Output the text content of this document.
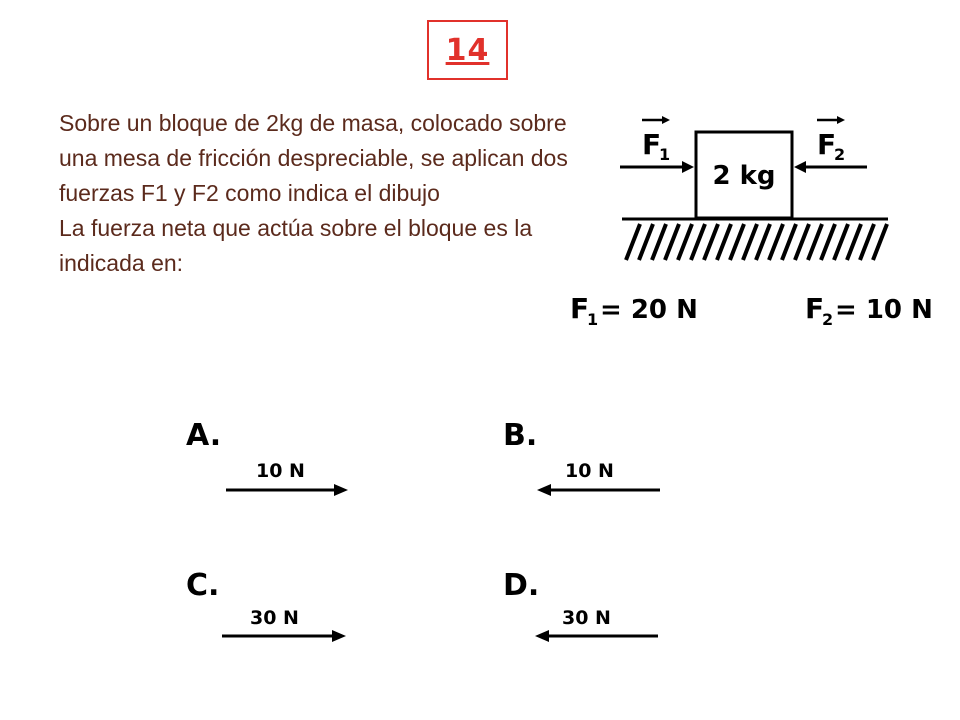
14

Sobre un bloque de 2kg de masa, colocado sobre una mesa de fricción despreciable, se aplican dos fuerzas F1 y F2 como indica el dibujo

La fuerza neta que actúa sobre el bloque es la indicada en:

F
1
2 kg
F
2
F
1 = 20 N	F
2 = 10 N
A.
10 N
B.
10 N
C.
30 N
D.
30 N
